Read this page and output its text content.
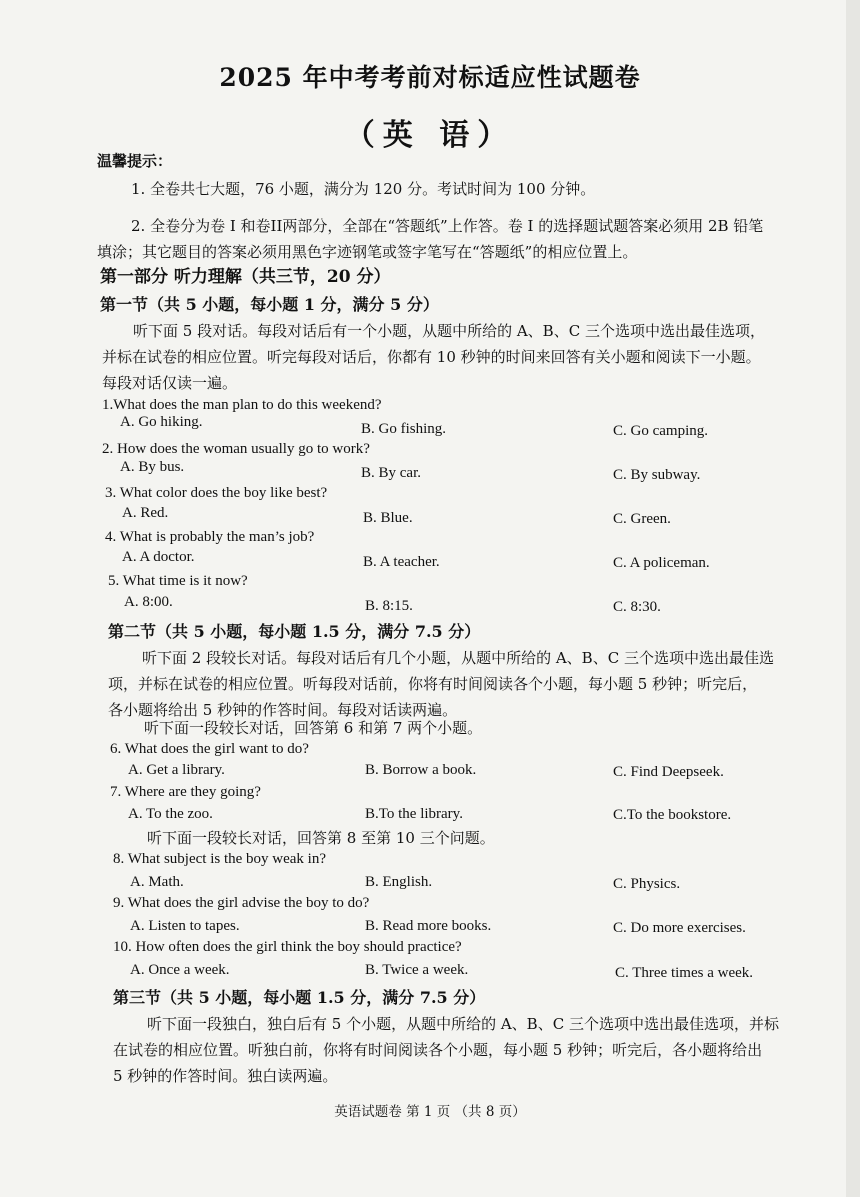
2025 年中考考前对标适应性试题卷
（英 语）
温馨提示：
1. 全卷共七大题，76 小题，满分为 120 分。考试时间为 100 分钟。
2. 全卷分为卷 I 和卷II两部分，全部在“答题纸”上作答。卷 I 的选择题试题答案必须用 2B 铅笔
填涂；其它题目的答案必须用黑色字迹钢笔或签字笔写在“答题纸”的相应位置上。
第一部分 听力理解（共三节，20 分）
第一节（共 5 小题，每小题 1 分，满分 5 分）
听下面 5 段对话。每段对话后有一个小题，从题中所给的 A、B、C 三个选项中选出最佳选项，
并标在试卷的相应位置。听完每段对话后，你都有 10 秒钟的时间来回答有关小题和阅读下一小题。
每段对话仅读一遍。
1.What does the man plan to do this weekend?
A. Go hiking.	B. Go fishing.	C. Go camping.
2. How does the woman usually go to work?
A. By bus.	B. By car.	C. By subway.
3. What color does the boy like best?
A. Red.	B. Blue.	C. Green.
4. What is probably the man’s job?
A. A doctor.	B. A teacher.	C. A policeman.
5. What time is it now?
A. 8:00.	B. 8:15.	C. 8:30.
第二节（共 5 小题，每小题 1.5 分，满分 7.5 分）
听下面 2 段较长对话。每段对话后有几个小题，从题中所给的 A、B、C 三个选项中选出最佳选
项，并标在试卷的相应位置。听每段对话前，你将有时间阅读各个小题，每小题 5 秒钟；听完后，
各小题将给出 5 秒钟的作答时间。每段对话读两遍。
听下面一段较长对话，回答第 6 和第 7 两个小题。
6. What does the girl want to do?
A. Get a library.	B. Borrow a book.	C. Find Deepseek.
7. Where are they going?
A. To the zoo.	B.To the library.	C.To the bookstore.
听下面一段较长对话，回答第 8 至第 10 三个问题。
8. What subject is the boy weak in?
A. Math.	B. English.	C. Physics.
9. What does the girl advise the boy to do?
A. Listen to tapes.	B. Read more books.	C. Do more exercises.
10. How often does the girl think the boy should practice?
A. Once a week.	B. Twice a week.	C. Three times a week.
第三节（共 5 小题，每小题 1.5 分，满分 7.5 分）
听下面一段独白，独白后有 5 个小题，从题中所给的 A、B、C 三个选项中选出最佳选项，并标
在试卷的相应位置。听独白前，你将有时间阅读各个小题，每小题 5 秒钟；听完后，各小题将给出
5 秒钟的作答时间。独白读两遍。
英语试题卷 第 1 页 （共 8 页）
